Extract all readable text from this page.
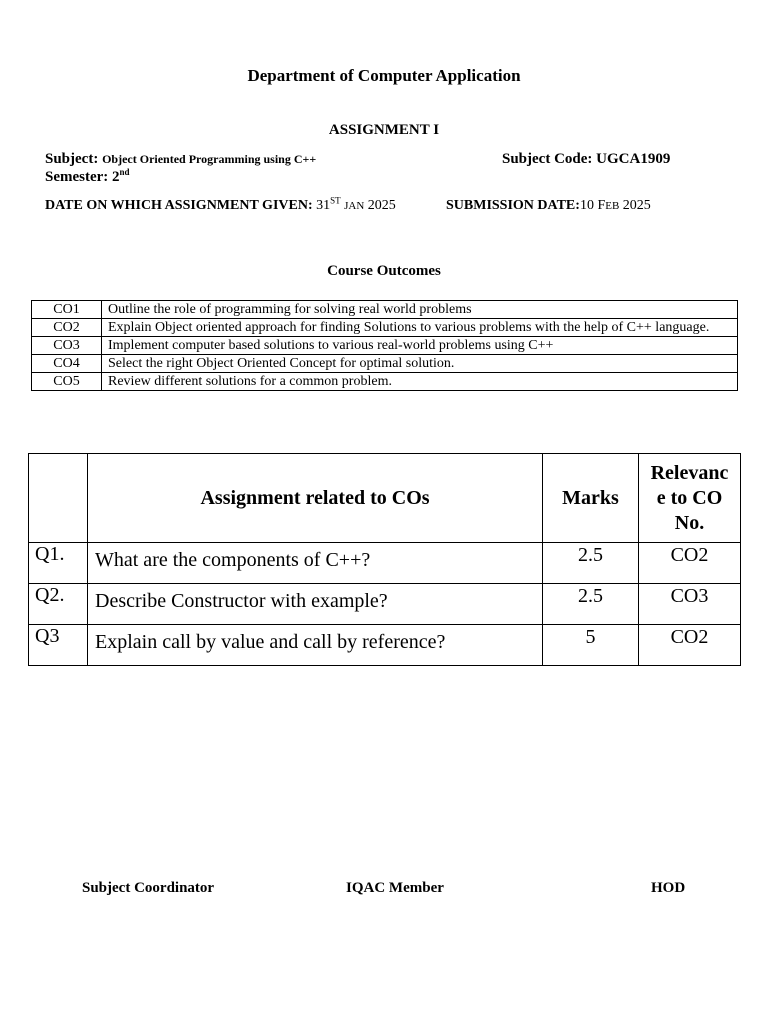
Department of Computer Application
ASSIGNMENT I
Subject: Object Oriented Programming using C++	Subject Code: UGCA1909
Semester: 2nd
DATE ON WHICH ASSIGNMENT GIVEN: 31ST JAN 2025	SUBMISSION DATE:10 FEB 2025
Course Outcomes
CO1	Outline the role of programming for solving real world problems
CO2	Explain Object oriented approach for finding Solutions to various problems with the help of C++ language.
CO3	Implement computer based solutions to various real-world problems using C++
CO4	Select the right Object Oriented Concept for optimal solution.
CO5	Review different solutions for a common problem.
	Assignment related to COs	Marks	Relevanc
e to CO
No.
Q1.	What are the components of C++?	2.5	CO2
Q2.	Describe Constructor with example?	2.5	CO3
Q3	Explain call by value and call by reference?	5	CO2
Subject Coordinator	IQAC Member	HOD
